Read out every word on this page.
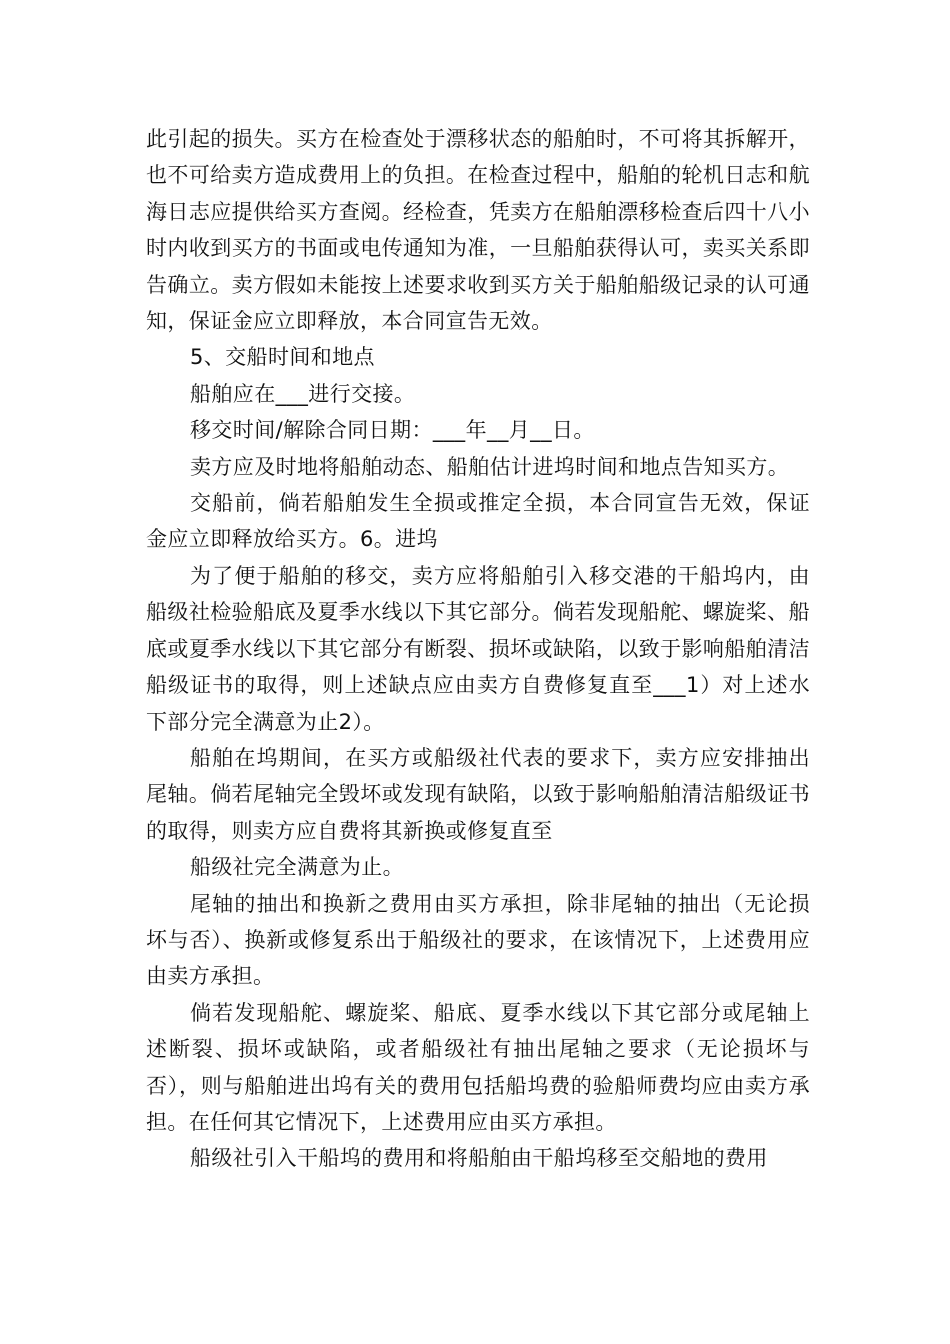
此引起的损失。买方在检查处于漂移状态的船舶时，不可将其拆解开，也不可给卖方造成费用上的负担。在检查过程中，船舶的轮机日志和航海日志应提供给买方查阅。经检查，凭卖方在船舶漂移检查后四十八小时内收到买方的书面或电传通知为准，一旦船舶获得认可，卖买关系即告确立。卖方假如未能按上述要求收到买方关于船舶船级记录的认可通知，保证金应立即释放，本合同宣告无效。

5、交船时间和地点

船舶应在___进行交接。

移交时间/解除合同日期：___年__月__日。

卖方应及时地将船舶动态、船舶估计进坞时间和地点告知买方。

交船前，倘若船舶发生全损或推定全损，本合同宣告无效，保证金应立即释放给买方。6。进坞

为了便于船舶的移交，卖方应将船舶引入移交港的干船坞内，由船级社检验船底及夏季水线以下其它部分。倘若发现船舵、螺旋桨、船底或夏季水线以下其它部分有断裂、损坏或缺陷，以致于影响船舶清洁船级证书的取得，则上述缺点应由卖方自费修复直至___1）对上述水下部分完全满意为止2）。

船舶在坞期间，在买方或船级社代表的要求下，卖方应安排抽出尾轴。倘若尾轴完全毁坏或发现有缺陷，以致于影响船舶清洁船级证书的取得，则卖方应自费将其新换或修复直至

船级社完全满意为止。

尾轴的抽出和换新之费用由买方承担，除非尾轴的抽出（无论损坏与否）、换新或修复系出于船级社的要求，在该情况下，上述费用应由卖方承担。

倘若发现船舵、螺旋桨、船底、夏季水线以下其它部分或尾轴上述断裂、损坏或缺陷，或者船级社有抽出尾轴之要求（无论损坏与否），则与船舶进出坞有关的费用包括船坞费的验船师费均应由卖方承担。在任何其它情况下，上述费用应由买方承担。

船级社引入干船坞的费用和将船舶由干船坞移至交船地的费用
